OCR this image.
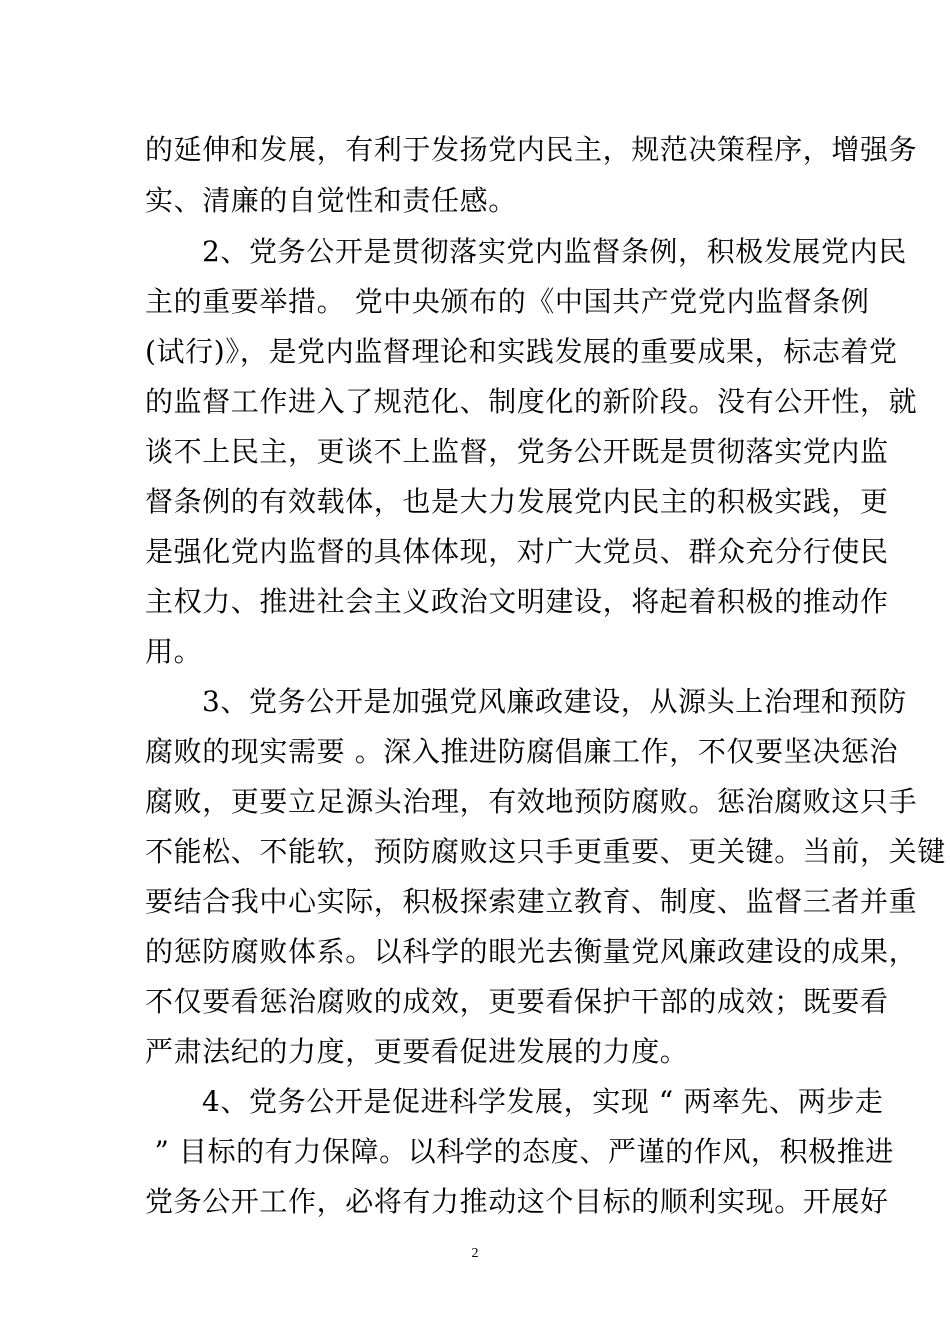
的延伸和发展，有利于发扬党内民主，规范决策程序，增强务
实、清廉的自觉性和责任感。
2、党务公开是贯彻落实党内监督条例，积极发展党内民
主的重要举措。 党中央颁布的《中国共产党党内监督条例
(试行)》，是党内监督理论和实践发展的重要成果，标志着党
的监督工作进入了规范化、制度化的新阶段。没有公开性，就
谈不上民主，更谈不上监督，党务公开既是贯彻落实党内监
督条例的有效载体，也是大力发展党内民主的积极实践，更
是强化党内监督的具体体现，对广大党员、群众充分行使民
主权力、推进社会主义政治文明建设，将起着积极的推动作
用。
3、党务公开是加强党风廉政建设，从源头上治理和预防
腐败的现实需要 。深入推进防腐倡廉工作，不仅要坚决惩治
腐败，更要立足源头治理，有效地预防腐败。惩治腐败这只手
不能松、不能软，预防腐败这只手更重要、更关键。当前，关键
要结合我中心实际，积极探索建立教育、制度、监督三者并重
的惩防腐败体系。以科学的眼光去衡量党风廉政建设的成果，
不仅要看惩治腐败的成效，更要看保护干部的成效；既要看
严肃法纪的力度，更要看促进发展的力度。
4、党务公开是促进科学发展，实现 “ 两率先、两步走
” 目标的有力保障。以科学的态度、严谨的作风，积极推进
党务公开工作，必将有力推动这个目标的顺利实现。开展好
2
